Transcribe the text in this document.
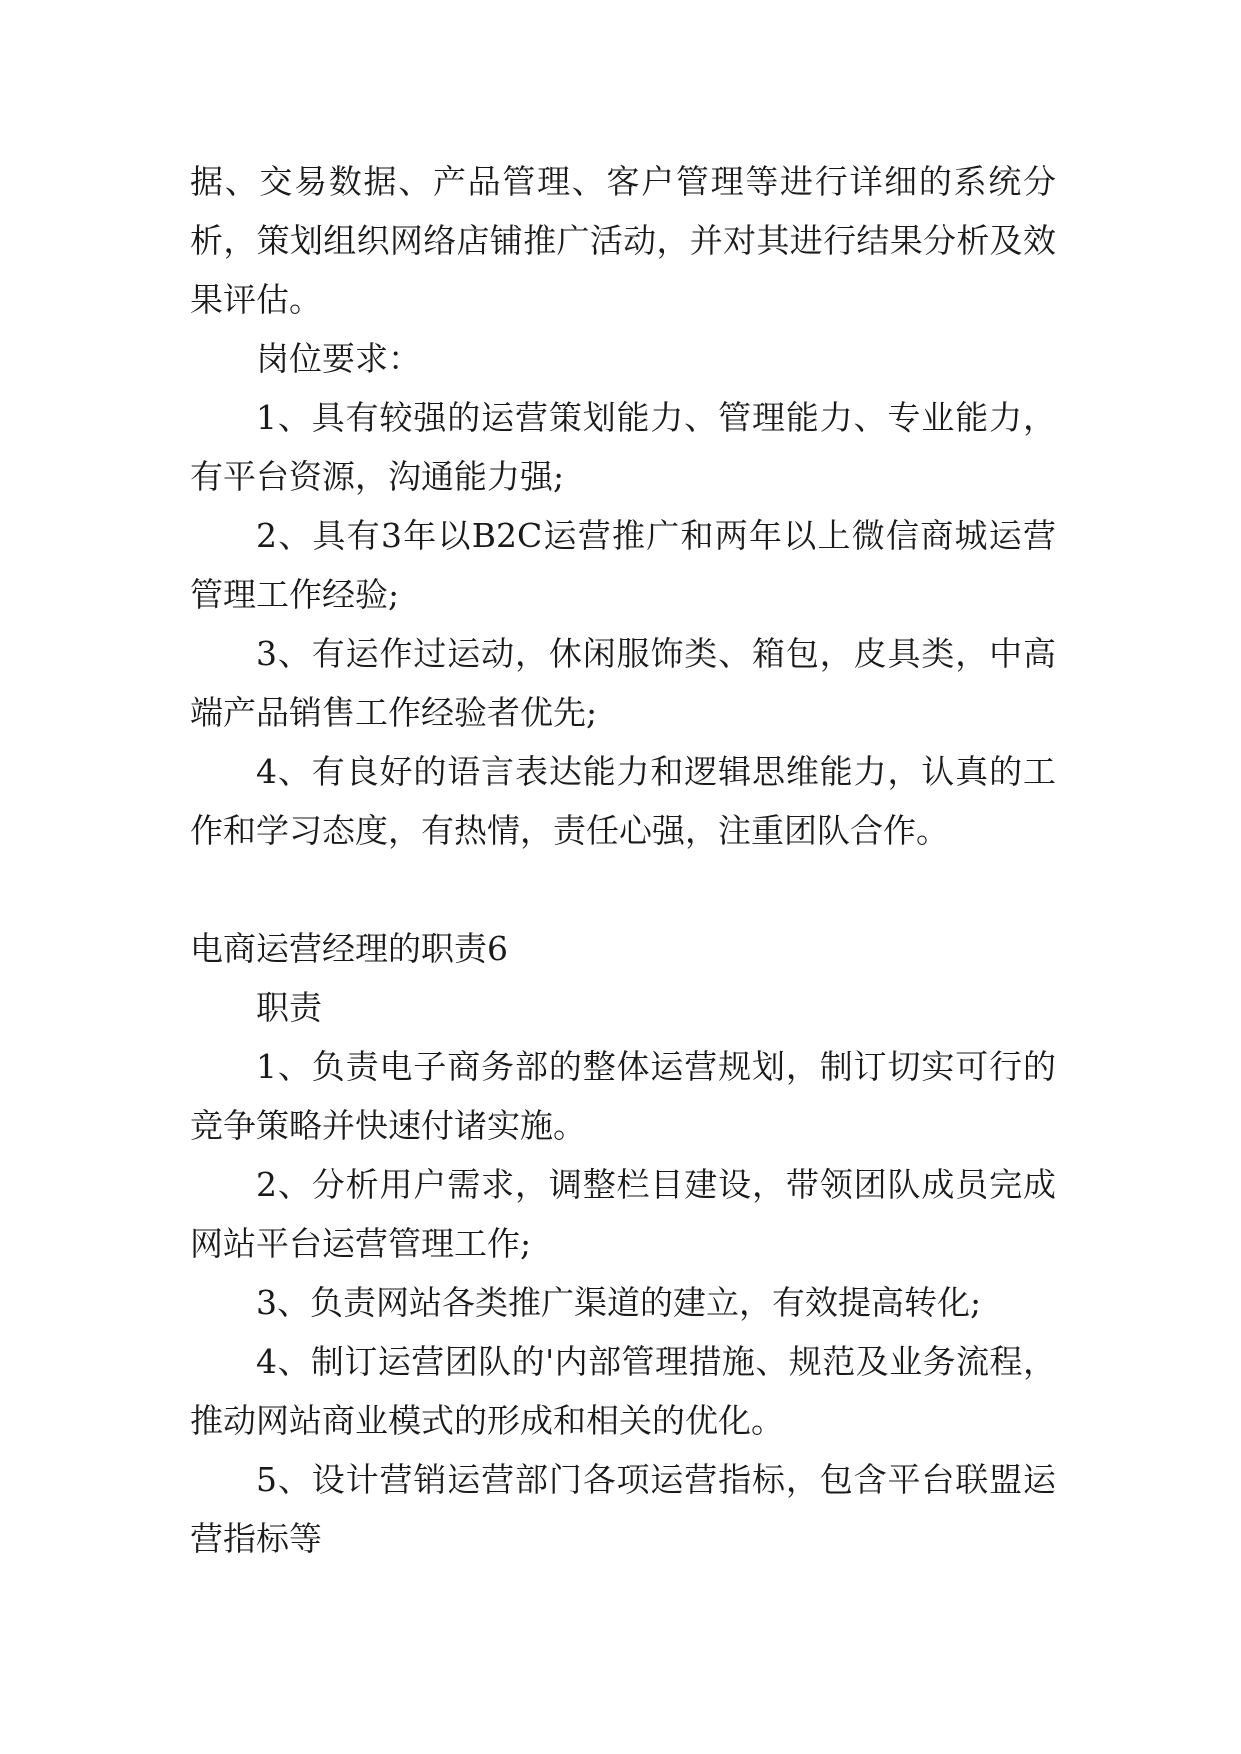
据、交易数据、产品管理、客户管理等进行详细的系统分析，策划组织网络店铺推广活动，并对其进行结果分析及效果评估。

岗位要求：

1、具有较强的运营策划能力、管理能力、专业能力，有平台资源，沟通能力强;

2、具有3年以B2C运营推广和两年以上微信商城运营管理工作经验;

3、有运作过运动，休闲服饰类、箱包，皮具类，中高端产品销售工作经验者优先;

4、有良好的语言表达能力和逻辑思维能力，认真的工作和学习态度，有热情，责任心强，注重团队合作。

电商运营经理的职责6

职责

1、负责电子商务部的整体运营规划，制订切实可行的竞争策略并快速付诸实施。

2、分析用户需求，调整栏目建设，带领团队成员完成网站平台运营管理工作;

3、负责网站各类推广渠道的建立，有效提高转化;

4、制订运营团队的'内部管理措施、规范及业务流程，推动网站商业模式的形成和相关的优化。

5、设计营销运营部门各项运营指标，包含平台联盟运营指标等
